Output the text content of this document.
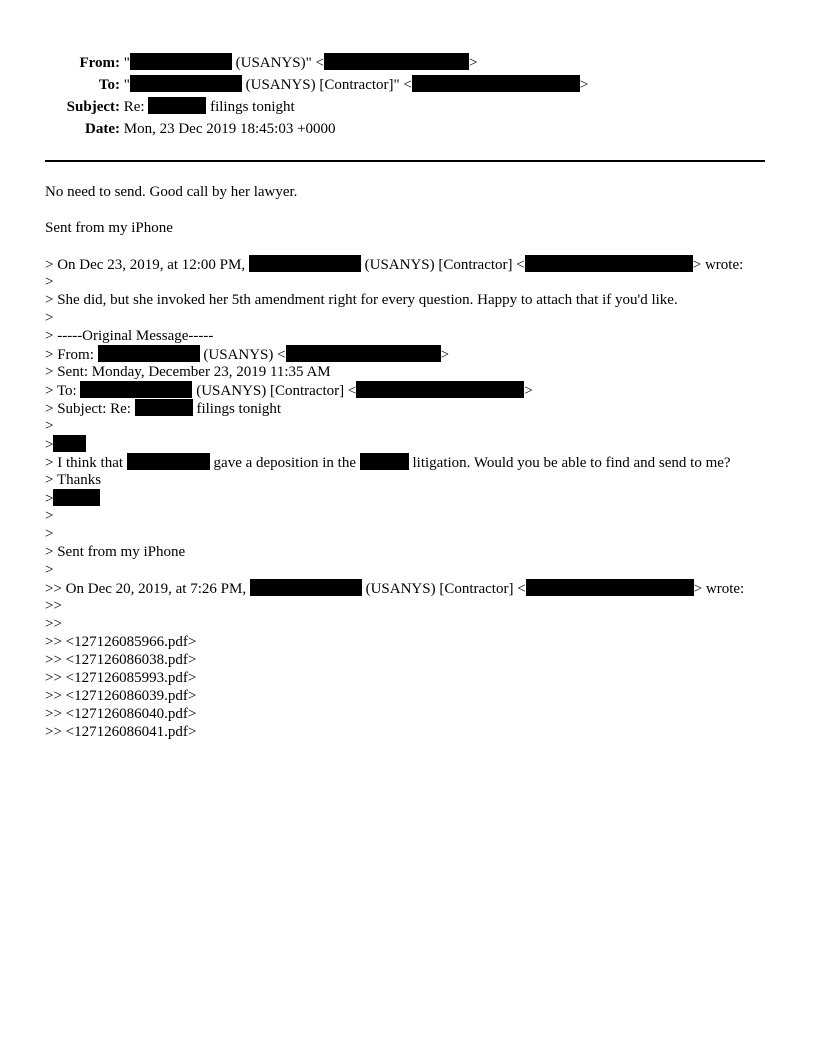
From: "	(USANYS)" <	>
To: "	(USANYS) [Contractor]" <	>
Subject: Re:	filings tonight
Date: Mon, 23 Dec 2019 18:45:03 +0000
No need to send. Good call by her lawyer.
Sent from my iPhone
> On Dec 23, 2019, at 12:00 PM,	(USANYS) [Contractor] <	> wrote:
>
> She did, but she invoked her 5th amendment right for every question. Happy to attach that if you'd like.
>
> -----Original Message-----
> From:	(USANYS) <	>
> Sent: Monday, December 23, 2019 11:35 AM
> To:	(USANYS) [Contractor] <	>
> Subject: Re:	filings tonight
>
>
> I think that	gave a deposition in the	litigation. Would you be able to find and send to me?
> Thanks
>
>
>
> Sent from my iPhone
>
>> On Dec 20, 2019, at 7:26 PM,	(USANYS) [Contractor] <	> wrote:
>>
>>
>> <127126085966.pdf>
>> <127126086038.pdf>
>> <127126085993.pdf>
>> <127126086039.pdf>
>> <127126086040.pdf>
>> <127126086041.pdf>
